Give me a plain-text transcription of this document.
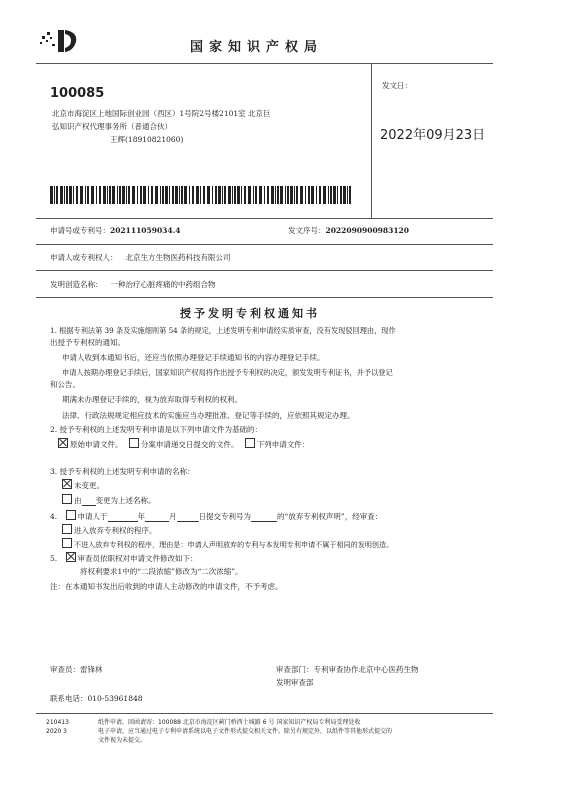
国家知识产权局
100085
北京市海淀区上地国际创业园（西区）1号院2号楼2101室 北京巨
弘知识产权代理事务所（普通合伙）
王辉(18910821060)
发文日：
2022年09月23日
申请号或专利号：202111059034.4	发文序号：2022090900983120
申请人或专利权人： 北京生方生物医药科技有限公司
发明创造名称： 一种治疗心脏疼痛的中药组合物
授予发明专利权通知书
1. 根据专利法第 39 条及实施细则第 54 条的规定，上述发明专利申请经实质审查，没有发现驳回理由，现作
出授予专利权的通知。
申请人收到本通知书后，还应当依照办理登记手续通知书的内容办理登记手续。
申请人按期办理登记手续后，国家知识产权局将作出授予专利权的决定，颁发发明专利证书，并予以登记
和公告。
期满未办理登记手续的，视为放弃取得专利权的权利。
法律、行政法规规定相应技术的实施应当办理批准、登记等手续的，应依照其规定办理。
2. 授予专利权的上述发明专利申请是以下列申请文件为基础的：
原始申请文件。 分案申请递交日提交的文件。 下列申请文件：
3. 授予专利权的上述发明专利申请的名称：
未变更。
由 变更为上述名称。
4.	申请人于	年	月	日提交专利号为	的“放弃专利权声明”，经审查：
进入放弃专利权的程序。
不进入放弃专利权的程序，理由是：申请人声明放弃的专利与本发明专利申请不属于相同的发明创造。
5.	审查员依职权对申请文件修改如下：
将权利要求1中的“二段浓缩”修改为“二次浓缩”。
注：在本通知书发出后收到的申请人主动修改的申请文件，不予考虑。
审查员：雷锋林	审查部门：专利审查协作北京中心医药生物
发明审查部
联系电话：010-53961848
210413
2020 3
纸件申请，回函请寄：100088 北京市海淀区蓟门桥西土城路 6 号 国家知识产权局专利局受理处收
电子申请，应当通过电子专利申请系统以电子文件形式提交相关文件。除另有规定外，以纸件等其他形式提交的
文件视为未提交。
